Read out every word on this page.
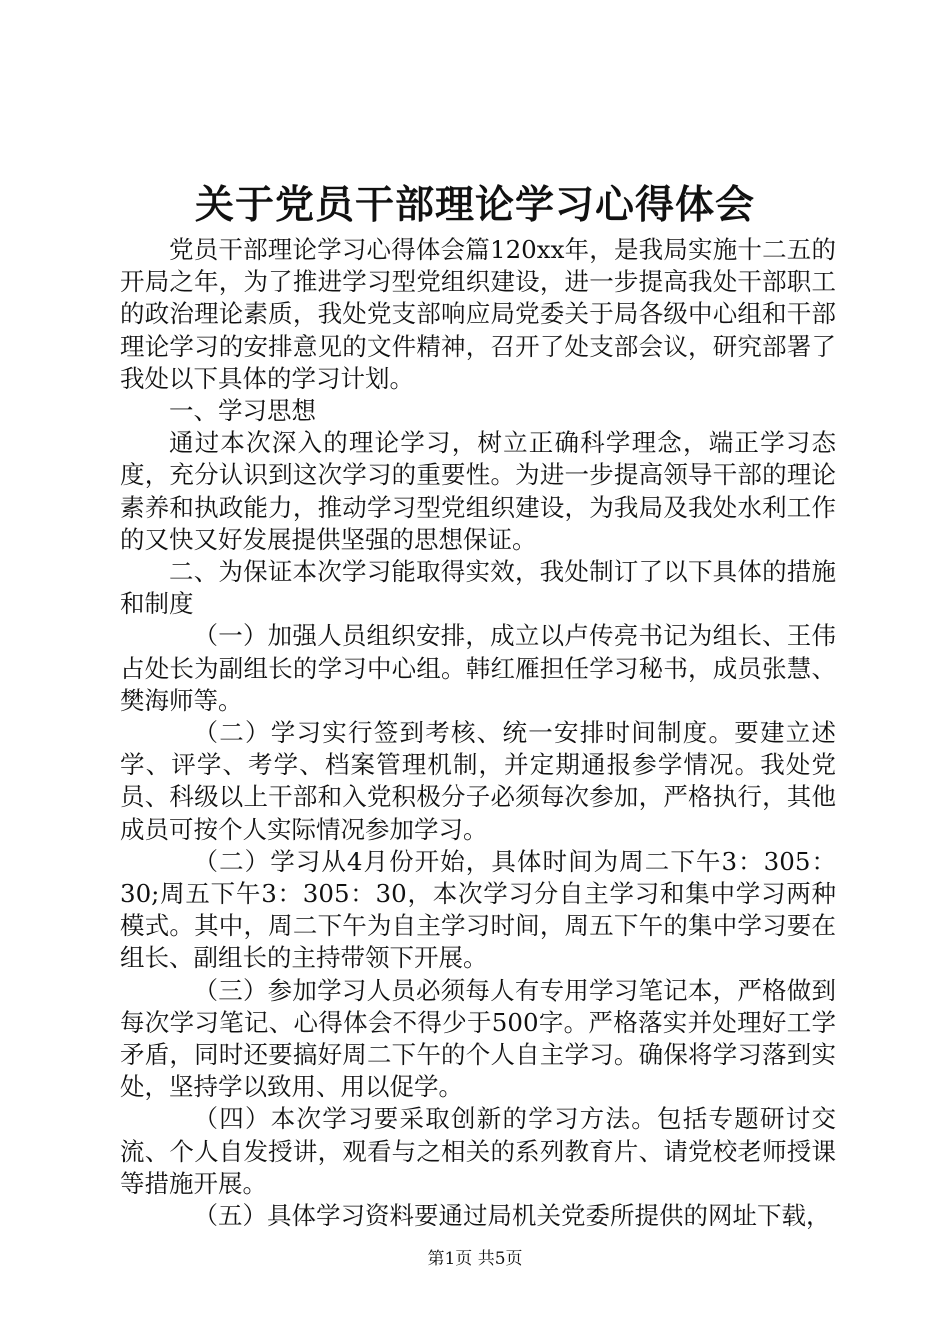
关于党员干部理论学习心得体会

党员干部理论学习心得体会篇120xx年，是我局实施十二五的开局之年，为了推进学习型党组织建设，进一步提高我处干部职工的政治理论素质，我处党支部响应局党委关于局各级中心组和干部理论学习的安排意见的文件精神，召开了处支部会议，研究部署了我处以下具体的学习计划。

一、学习思想

通过本次深入的理论学习，树立正确科学理念，端正学习态度，充分认识到这次学习的重要性。为进一步提高领导干部的理论素养和执政能力，推动学习型党组织建设，为我局及我处水利工作的又快又好发展提供坚强的思想保证。

二、为保证本次学习能取得实效，我处制订了以下具体的措施和制度

（一）加强人员组织安排，成立以卢传亮书记为组长、王伟占处长为副组长的学习中心组。韩红雁担任学习秘书，成员张慧、樊海师等。

（二）学习实行签到考核、统一安排时间制度。要建立述学、评学、考学、档案管理机制，并定期通报参学情况。我处党员、科级以上干部和入党积极分子必须每次参加，严格执行，其他成员可按个人实际情况参加学习。

（二）学习从4月份开始，具体时间为周二下午3：305：30;周五下午3：305：30，本次学习分自主学习和集中学习两种模式。其中，周二下午为自主学习时间，周五下午的集中学习要在组长、副组长的主持带领下开展。

（三）参加学习人员必须每人有专用学习笔记本，严格做到每次学习笔记、心得体会不得少于500字。严格落实并处理好工学矛盾，同时还要搞好周二下午的个人自主学习。确保将学习落到实处，坚持学以致用、用以促学。

（四）本次学习要采取创新的学习方法。包括专题研讨交流、个人自发授讲，观看与之相关的系列教育片、请党校老师授课等措施开展。

（五）具体学习资料要通过局机关党委所提供的网址下载，

第1页 共5页
